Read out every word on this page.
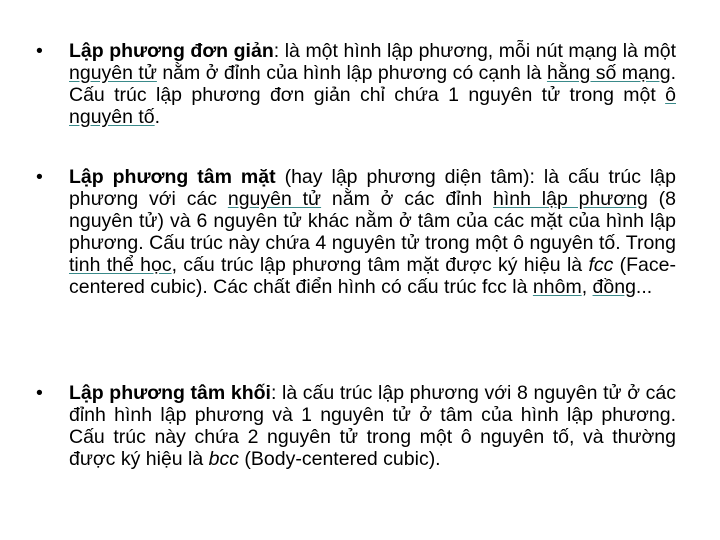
•	Lập phương đơn giản: là một hình lập phương, mỗi nút mạng là một nguyên tử nằm ở đỉnh của hình lập phương có cạnh là hằng số mạng. Cấu trúc lập phương đơn giản chỉ chứa 1 nguyên tử trong một ô nguyên tố.
•	Lập phương tâm mặt (hay lập phương diện tâm): là cấu trúc lập phương với các nguyên tử nằm ở các đỉnh hình lập phương (8 nguyên tử) và 6 nguyên tử khác nằm ở tâm của các mặt của hình lập phương. Cấu trúc này chứa 4 nguyên tử trong một ô nguyên tố. Trong tinh thể học, cấu trúc lập phương tâm mặt được ký hiệu là fcc (Face-centered cubic). Các chất điển hình có cấu trúc fcc là nhôm, đồng...
•	Lập phương tâm khối: là cấu trúc lập phương với 8 nguyên tử ở các đỉnh hình lập phương và 1 nguyên tử ở tâm của hình lập phương. Cấu trúc này chứa 2 nguyên tử trong một ô nguyên tố, và thường được ký hiệu là bcc (Body-centered cubic).
